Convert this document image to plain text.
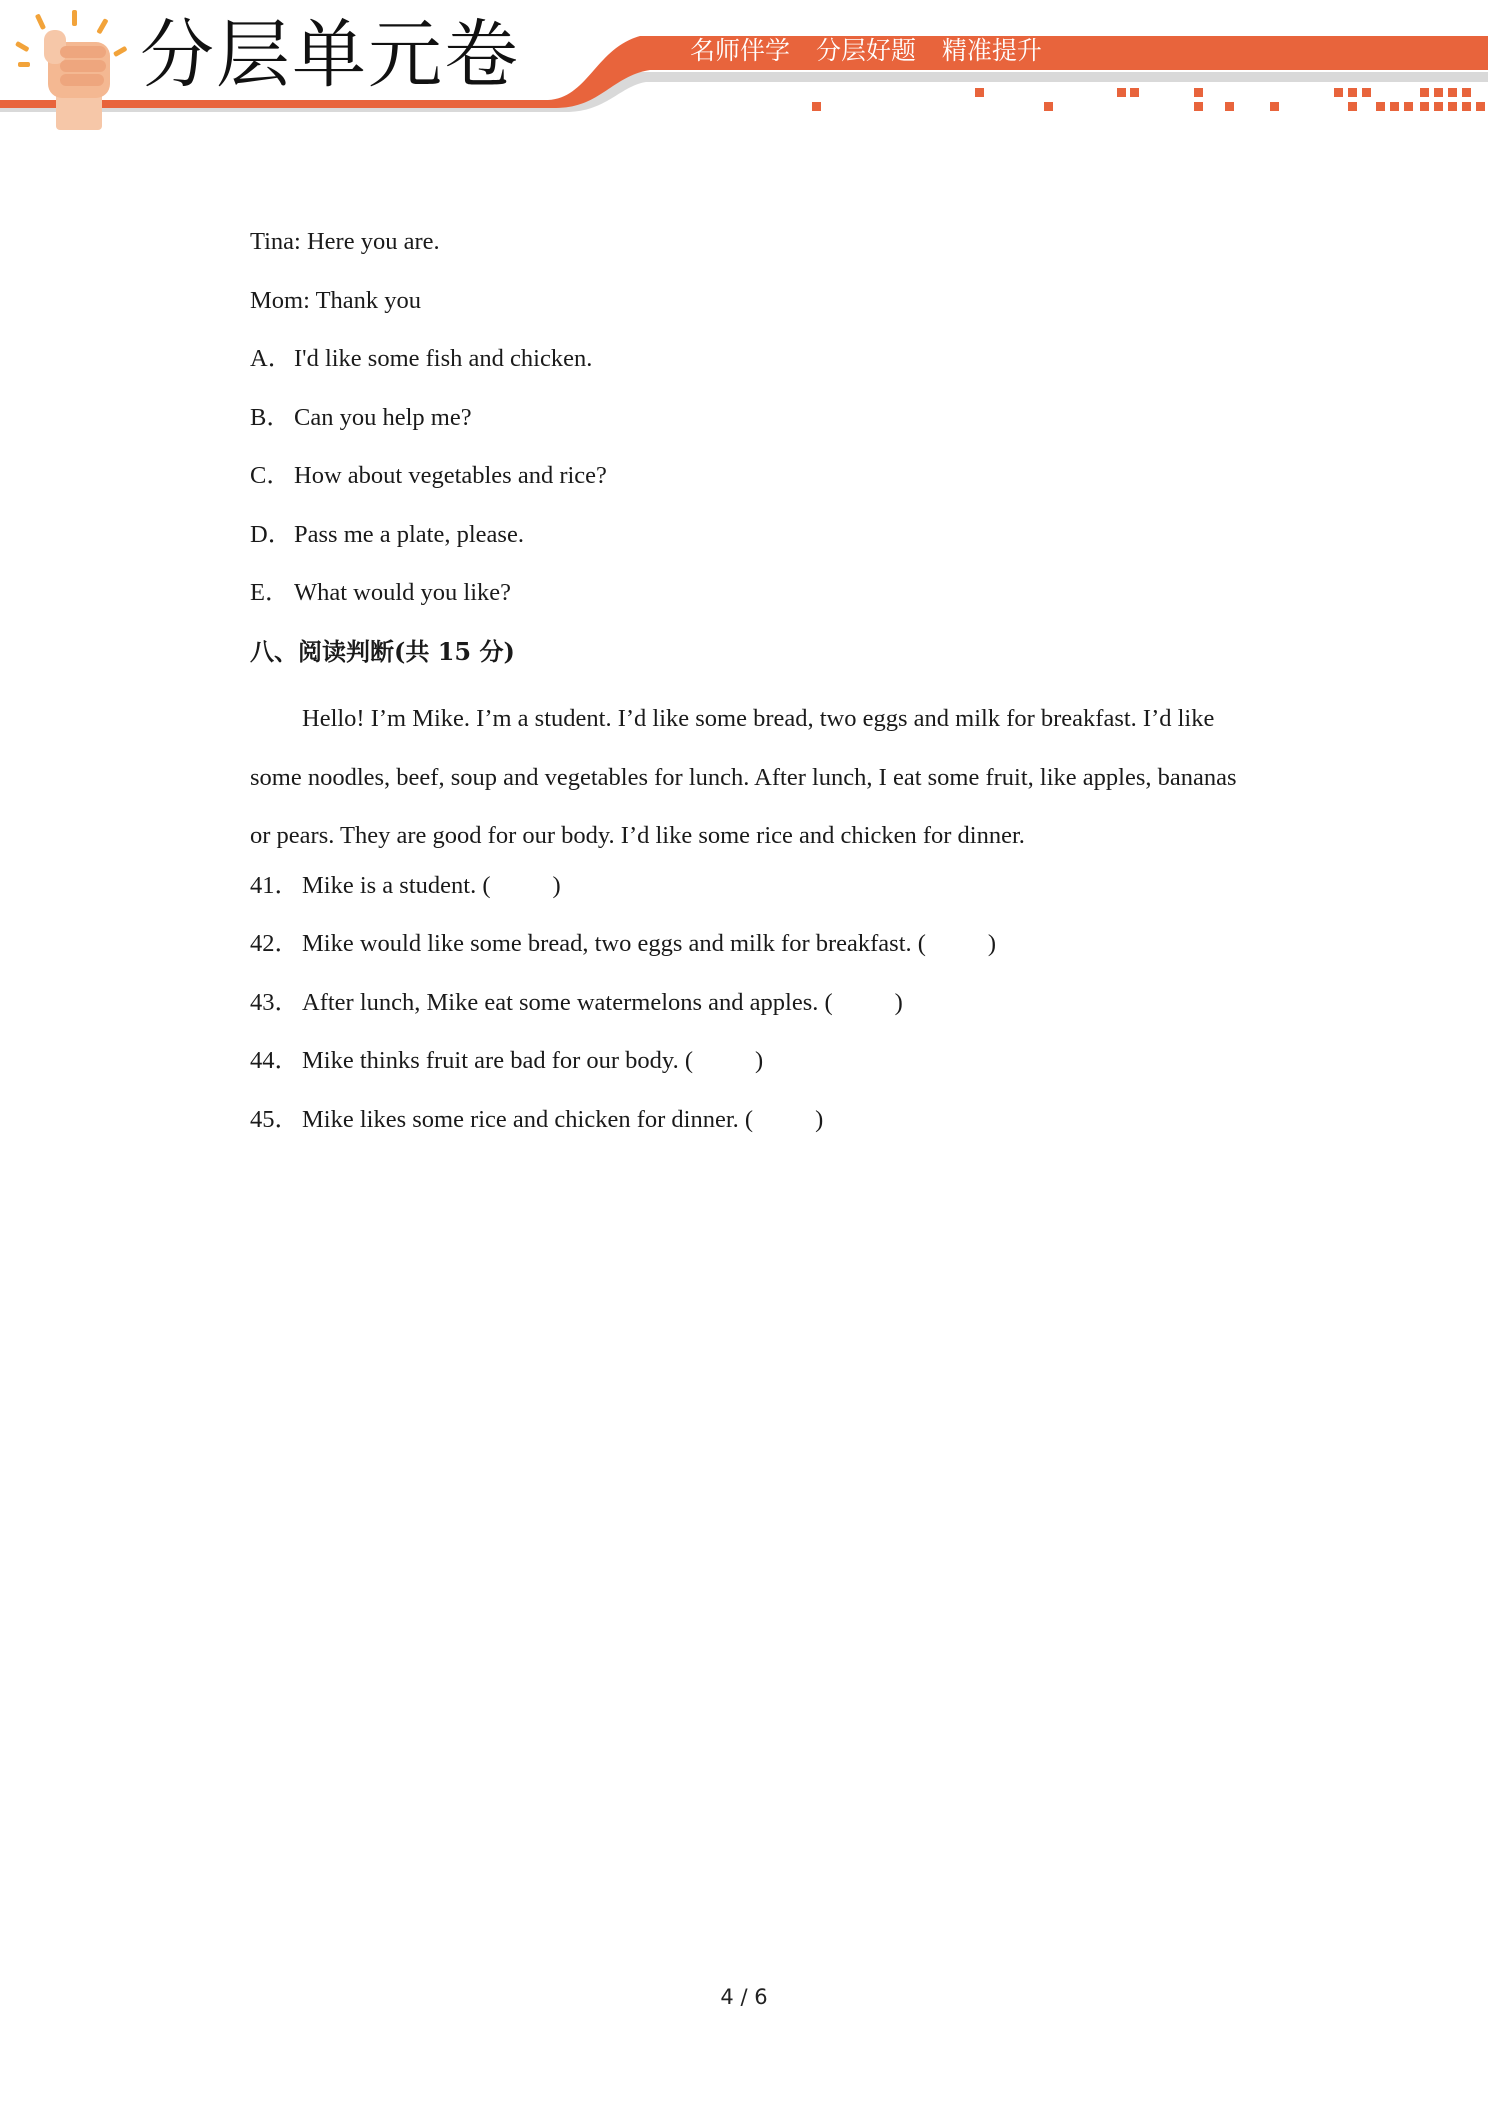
分层单元卷	名师伴学 分层好题 精准提升
Tina: Here you are.
Mom: Thank you
A．I'd like some fish and chicken.
B． Can you help me?
C． How about vegetables and rice?
D．Pass me a plate, please.
E． What would you like?
八、阅读判断(共 15 分)

Hello! I’m Mike. I’m a student. I’d like some bread, two eggs and milk for breakfast. I’d like some noodles, beef, soup and vegetables for lunch. After lunch, I eat some fruit, like apples, bananas or pears. They are good for our body. I’d like some rice and chicken for dinner.

41． Mike is a student. (	)
42． Mike would like some bread, two eggs and milk for breakfast. (	)
43． After lunch, Mike eat some watermelons and apples. (	)
44． Mike thinks fruit are bad for our body. (	)
45． Mike likes some rice and chicken for dinner. (	)
4 / 6
